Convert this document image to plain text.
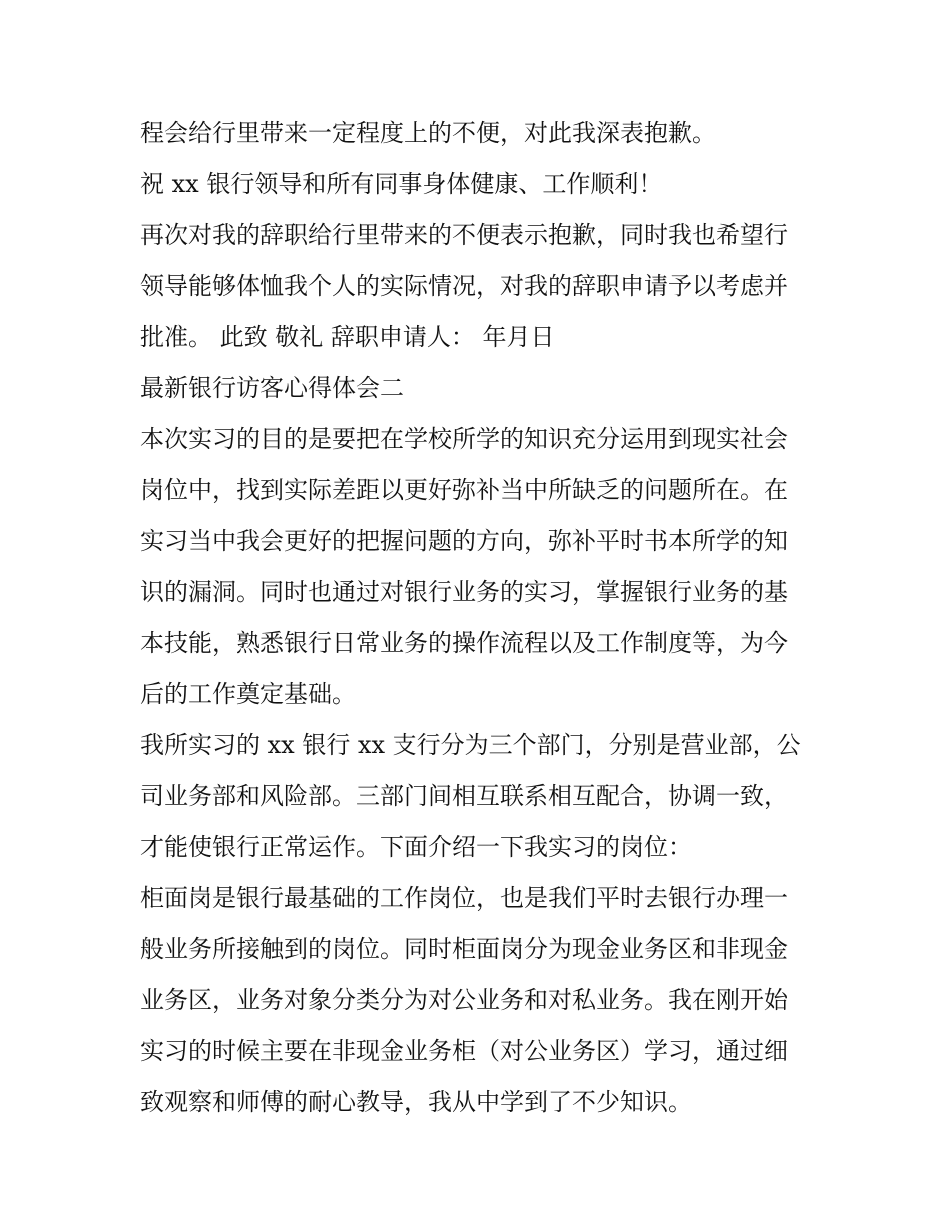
程会给行里带来一定程度上的不便，对此我深表抱歉。
祝 xx 银行领导和所有同事身体健康、工作顺利！
再次对我的辞职给行里带来的不便表示抱歉，同时我也希望行
领导能够体恤我个人的实际情况，对我的辞职申请予以考虑并
批准。 此致 敬礼 辞职申请人： 年月日
最新银行访客心得体会二
本次实习的目的是要把在学校所学的知识充分运用到现实社会
岗位中，找到实际差距以更好弥补当中所缺乏的问题所在。在
实习当中我会更好的把握问题的方向，弥补平时书本所学的知
识的漏洞。同时也通过对银行业务的实习，掌握银行业务的基
本技能，熟悉银行日常业务的操作流程以及工作制度等，为今
后的工作奠定基础。
我所实习的 xx 银行 xx 支行分为三个部门，分别是营业部，公
司业务部和风险部。三部门间相互联系相互配合，协调一致，
才能使银行正常运作。下面介绍一下我实习的岗位：
柜面岗是银行最基础的工作岗位，也是我们平时去银行办理一
般业务所接触到的岗位。同时柜面岗分为现金业务区和非现金
业务区，业务对象分类分为对公业务和对私业务。我在刚开始
实习的时候主要在非现金业务柜（对公业务区）学习，通过细
致观察和师傅的耐心教导，我从中学到了不少知识。
